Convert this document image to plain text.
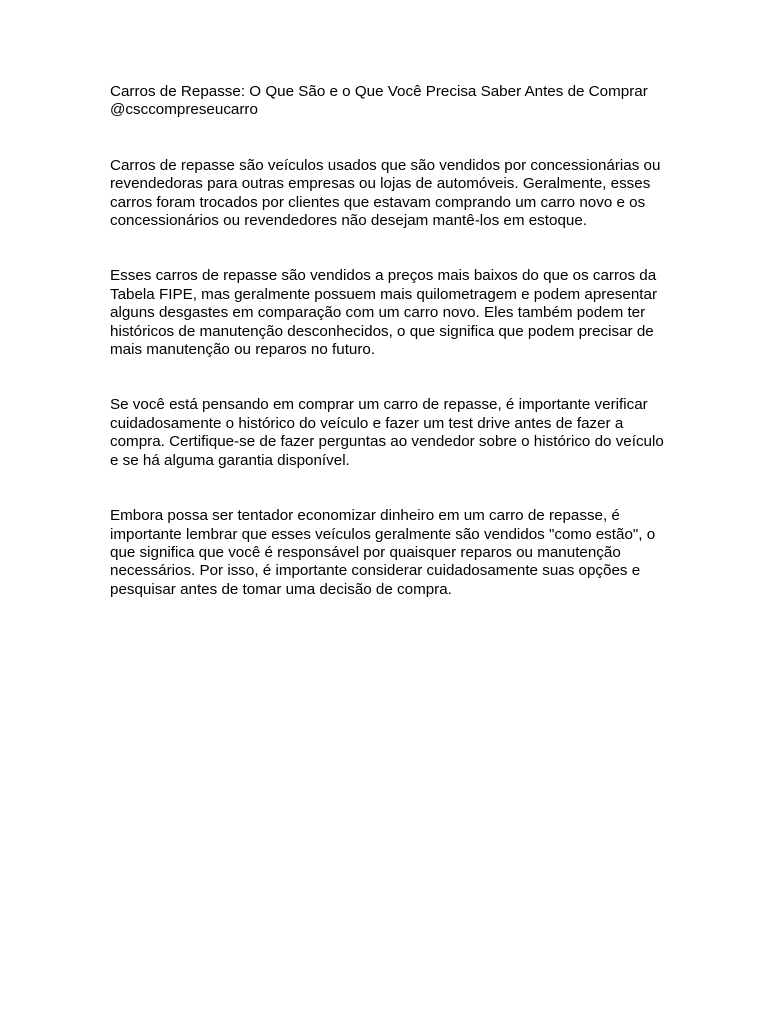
Carros de Repasse: O Que São e o Que Você Precisa Saber Antes de Comprar

@csccompreseucarro

Carros de repasse são veículos usados que são vendidos por concessionárias ou revendedoras para outras empresas ou lojas de automóveis. Geralmente, esses carros foram trocados por clientes que estavam comprando um carro novo e os concessionários ou revendedores não desejam mantê-los em estoque.

Esses carros de repasse são vendidos a preços mais baixos do que os carros da Tabela FIPE, mas geralmente possuem mais quilometragem e podem apresentar alguns desgastes em comparação com um carro novo. Eles também podem ter históricos de manutenção desconhecidos, o que significa que podem precisar de mais manutenção ou reparos no futuro.

Se você está pensando em comprar um carro de repasse, é importante verificar cuidadosamente o histórico do veículo e fazer um test drive antes de fazer a compra. Certifique-se de fazer perguntas ao vendedor sobre o histórico do veículo e se há alguma garantia disponível.

Embora possa ser tentador economizar dinheiro em um carro de repasse, é importante lembrar que esses veículos geralmente são vendidos "como estão", o que significa que você é responsável por quaisquer reparos ou manutenção necessários. Por isso, é importante considerar cuidadosamente suas opções e pesquisar antes de tomar uma decisão de compra.
